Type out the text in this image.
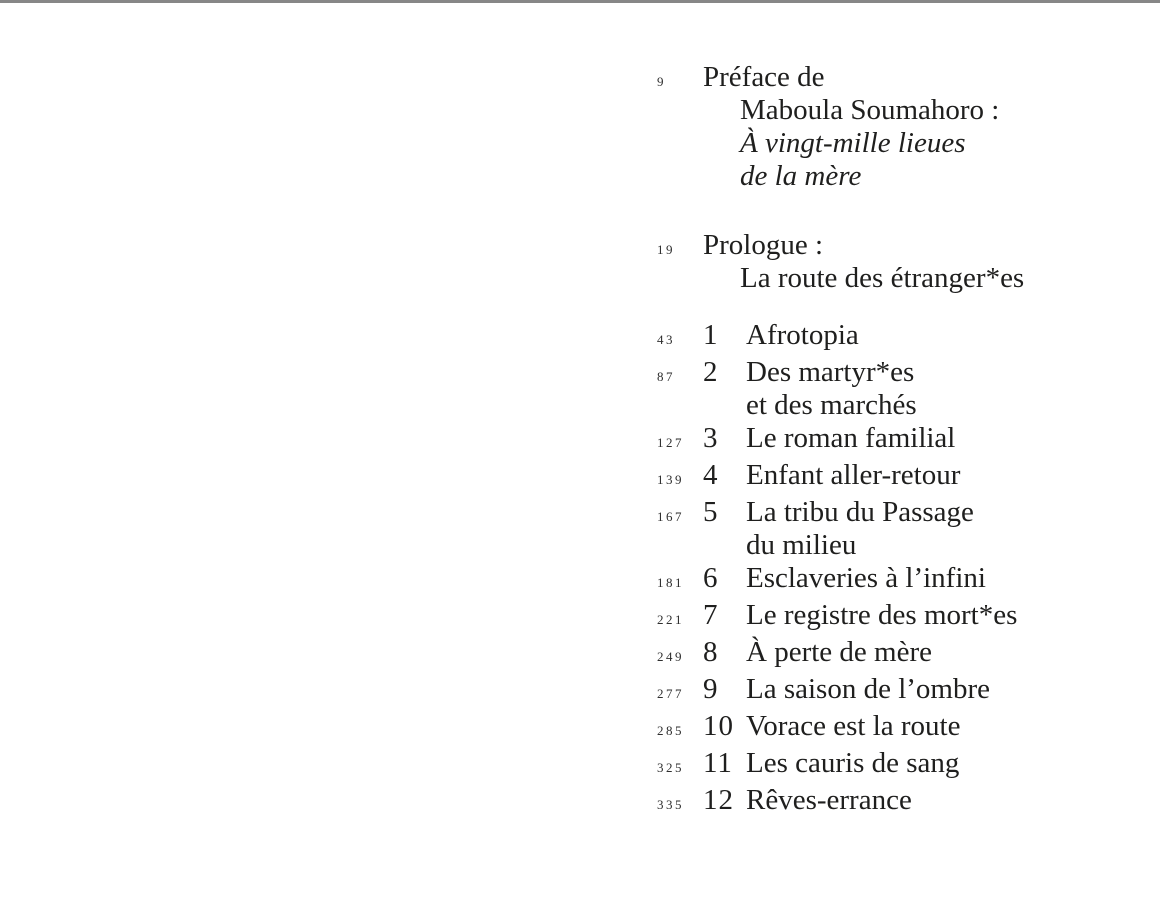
9	Préface de
Maboula Soumahoro :
À vingt-mille lieues
de la mère
19 Prologue :
La route des étranger*es
43 1 Afrotopia
87 2 Des martyr*es
et des marchés
127 3 Le roman familial
139 4 Enfant aller-retour
167 5 La tribu du Passage
du milieu
181 6 Esclaveries à l’infini
221 7 Le registre des mort*es
249 8 À perte de mère
277 9 La saison de l’ombre
285 10 Vorace est la route
325 11 Les cauris de sang
335 12 Rêves-errance
